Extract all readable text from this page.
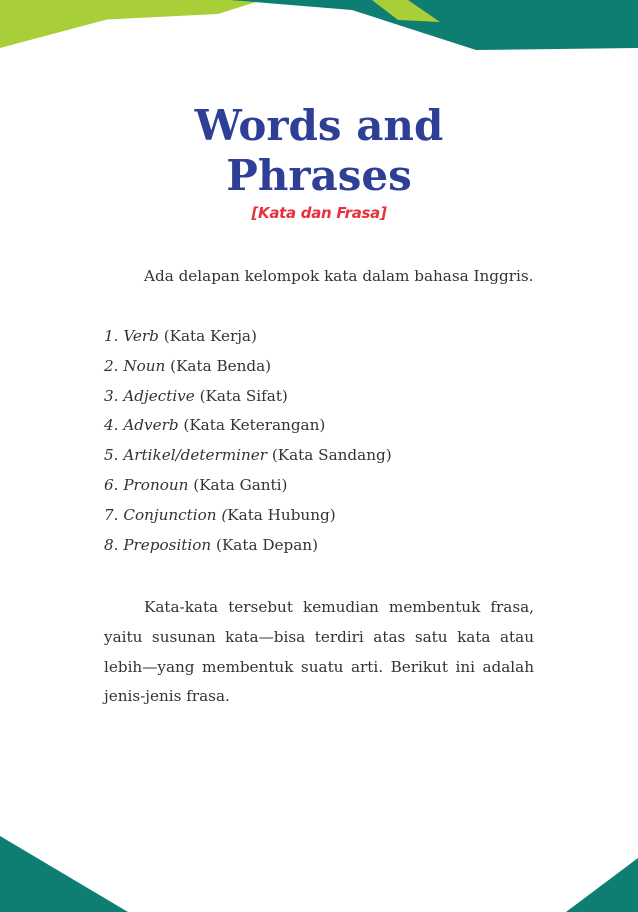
Words and
Phrases
[Kata dan Frasa]

Ada delapan kelompok kata dalam bahasa Inggris.

1. Verb (Kata Kerja)
2. Noun (Kata Benda)
3. Adjective (Kata Sifat)
4. Adverb (Kata Keterangan)
5. Artikel/determiner (Kata Sandang)
6. Pronoun (Kata Ganti)
7. Conjunction (Kata Hubung)
8. Preposition (Kata Depan)

Kata-kata tersebut kemudian membentuk frasa, yaitu susunan kata—bisa terdiri atas satu kata atau lebih—yang membentuk suatu arti. Berikut ini adalah jenis-jenis frasa.
